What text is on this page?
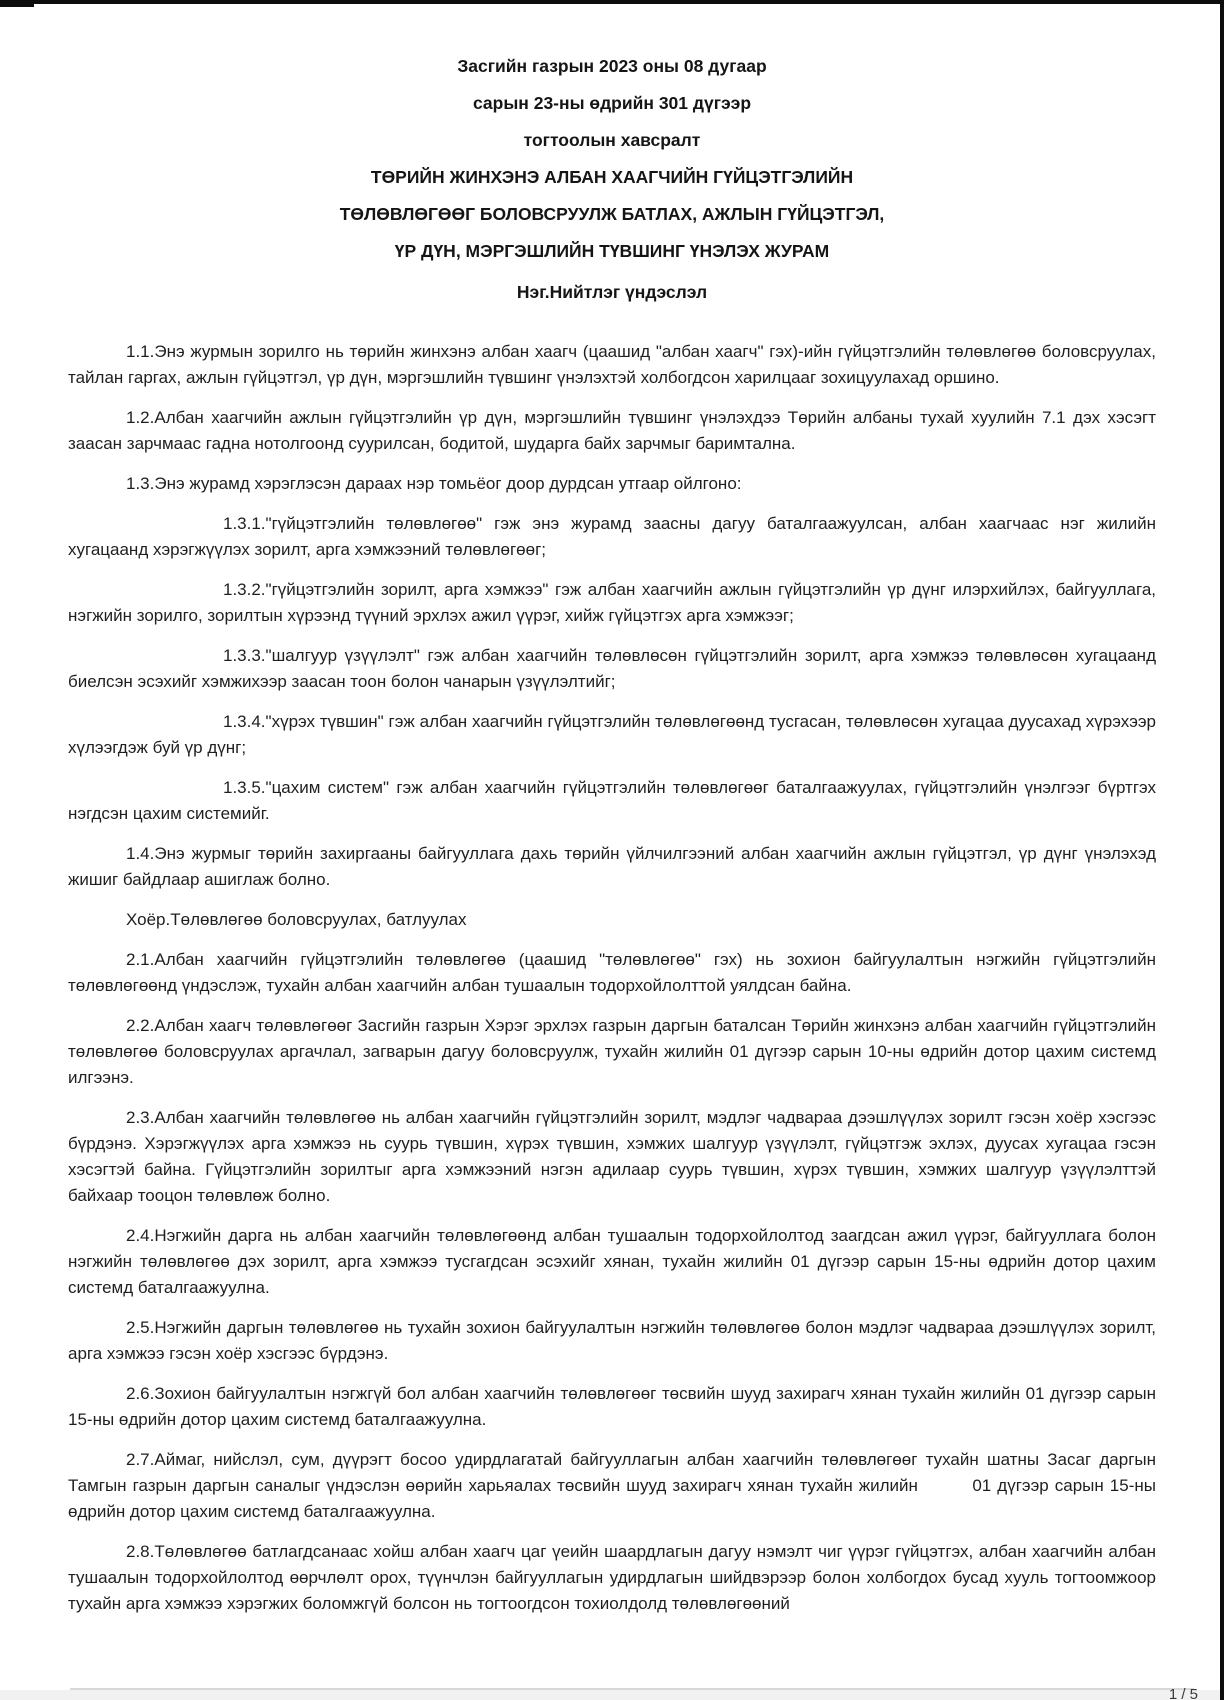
Засгийн газрын 2023 оны 08 дугаар
сарын 23-ны өдрийн 301 дүгээр
тогтоолын хавсралт
ТӨРИЙН ЖИНХЭНЭ АЛБАН ХААГЧИЙН ГҮЙЦЭТГЭЛИЙН
ТӨЛӨВЛӨГӨӨГ БОЛОВСРУУЛЖ БАТЛАХ, АЖЛЫН ГҮЙЦЭТГЭЛ,
ҮР ДҮН, МЭРГЭШЛИЙН ТҮВШИНГ ҮНЭЛЭХ ЖУРАМ
Нэг.Нийтлэг үндэслэл

1.1.Энэ журмын зорилго нь төрийн жинхэнэ албан хаагч (цаашид "албан хаагч" гэх)-ийн гүйцэтгэлийн төлөвлөгөө боловсруулах, тайлан гаргах, ажлын гүйцэтгэл, үр дүн, мэргэшлийн түвшинг үнэлэхтэй холбогдсон харилцааг зохицуулахад оршино.

1.2.Албан хаагчийн ажлын гүйцэтгэлийн үр дүн, мэргэшлийн түвшинг үнэлэхдээ Төрийн албаны тухай хуулийн 7.1 дэх хэсэгт заасан зарчмаас гадна нотолгоонд суурилсан, бодитой, шударга байх зарчмыг баримтална.

1.3.Энэ журамд хэрэглэсэн дараах нэр томьёог доор дурдсан утгаар ойлгоно:

1.3.1."гүйцэтгэлийн төлөвлөгөө" гэж энэ журамд заасны дагуу баталгаажуулсан, албан хаагчаас нэг жилийн хугацаанд хэрэгжүүлэх зорилт, арга хэмжээний төлөвлөгөөг;

1.3.2."гүйцэтгэлийн зорилт, арга хэмжээ" гэж албан хаагчийн ажлын гүйцэтгэлийн үр дүнг илэрхийлэх, байгууллага, нэгжийн зорилго, зорилтын хүрээнд түүний эрхлэх ажил үүрэг, хийж гүйцэтгэх арга хэмжээг;

1.3.3."шалгуур үзүүлэлт" гэж албан хаагчийн төлөвлөсөн гүйцэтгэлийн зорилт, арга хэмжээ төлөвлөсөн хугацаанд биелсэн эсэхийг хэмжихээр заасан тоон болон чанарын үзүүлэлтийг;

1.3.4."хүрэх түвшин" гэж албан хаагчийн гүйцэтгэлийн төлөвлөгөөнд тусгасан, төлөвлөсөн хугацаа дуусахад хүрэхээр хүлээгдэж буй үр дүнг;

1.3.5."цахим систем" гэж албан хаагчийн гүйцэтгэлийн төлөвлөгөөг баталгаажуулах, гүйцэтгэлийн үнэлгээг бүртгэх нэгдсэн цахим системийг.

1.4.Энэ журмыг төрийн захиргааны байгууллага дахь төрийн үйлчилгээний албан хаагчийн ажлын гүйцэтгэл, үр дүнг үнэлэхэд жишиг байдлаар ашиглаж болно.

Хоёр.Төлөвлөгөө боловсруулах, батлуулах

2.1.Албан хаагчийн гүйцэтгэлийн төлөвлөгөө (цаашид "төлөвлөгөө" гэх) нь зохион байгуулалтын нэгжийн гүйцэтгэлийн төлөвлөгөөнд үндэслэж, тухайн албан хаагчийн албан тушаалын тодорхойлолттой уялдсан байна.

2.2.Албан хаагч төлөвлөгөөг Засгийн газрын Хэрэг эрхлэх газрын даргын баталсан Төрийн жинхэнэ албан хаагчийн гүйцэтгэлийн төлөвлөгөө боловсруулах аргачлал, загварын дагуу боловсруулж, тухайн жилийн 01 дүгээр сарын 10-ны өдрийн дотор цахим системд илгээнэ.

2.3.Албан хаагчийн төлөвлөгөө нь албан хаагчийн гүйцэтгэлийн зорилт, мэдлэг чадвараа дээшлүүлэх зорилт гэсэн хоёр хэсгээс бүрдэнэ. Хэрэгжүүлэх арга хэмжээ нь суурь түвшин, хүрэх түвшин, хэмжих шалгуур үзүүлэлт, гүйцэтгэж эхлэх, дуусах хугацаа гэсэн хэсэгтэй байна. Гүйцэтгэлийн зорилтыг арга хэмжээний нэгэн адилаар суурь түвшин, хүрэх түвшин, хэмжих шалгуур үзүүлэлттэй байхаар тооцон төлөвлөж болно.

2.4.Нэгжийн дарга нь албан хаагчийн төлөвлөгөөнд албан тушаалын тодорхойлолтод заагдсан ажил үүрэг, байгууллага болон нэгжийн төлөвлөгөө дэх зорилт, арга хэмжээ тусгагдсан эсэхийг хянан, тухайн жилийн 01 дүгээр сарын 15-ны өдрийн дотор цахим системд баталгаажуулна.

2.5.Нэгжийн даргын төлөвлөгөө нь тухайн зохион байгуулалтын нэгжийн төлөвлөгөө болон мэдлэг чадвараа дээшлүүлэх зорилт, арга хэмжээ гэсэн хоёр хэсгээс бүрдэнэ.

2.6.Зохион байгуулалтын нэгжгүй бол албан хаагчийн төлөвлөгөөг төсвийн шууд захирагч хянан тухайн жилийн 01 дүгээр сарын 15-ны өдрийн дотор цахим системд баталгаажуулна.

2.7.Аймаг, нийслэл, сум, дүүрэгт босоо удирдлагатай байгууллагын албан хаагчийн төлөвлөгөөг тухайн шатны Засаг даргын Тамгын газрын даргын саналыг үндэслэн өөрийн харьяалах төсвийн шууд захирагч хянан тухайн жилийн         01 дүгээр сарын 15-ны өдрийн дотор цахим системд баталгаажуулна.

2.8.Төлөвлөгөө батлагдсанаас хойш албан хаагч цаг үеийн шаардлагын дагуу нэмэлт чиг үүрэг гүйцэтгэх, албан хаагчийн албан тушаалын тодорхойлолтод өөрчлөлт орох, түүнчлэн байгууллагын удирдлагын шийдвэрээр болон холбогдох бусад хууль тогтоомжоор тухайн арга хэмжээ хэрэгжих боломжгүй болсон нь тогтоогдсон тохиолдолд төлөвлөгөөний

1 / 5
